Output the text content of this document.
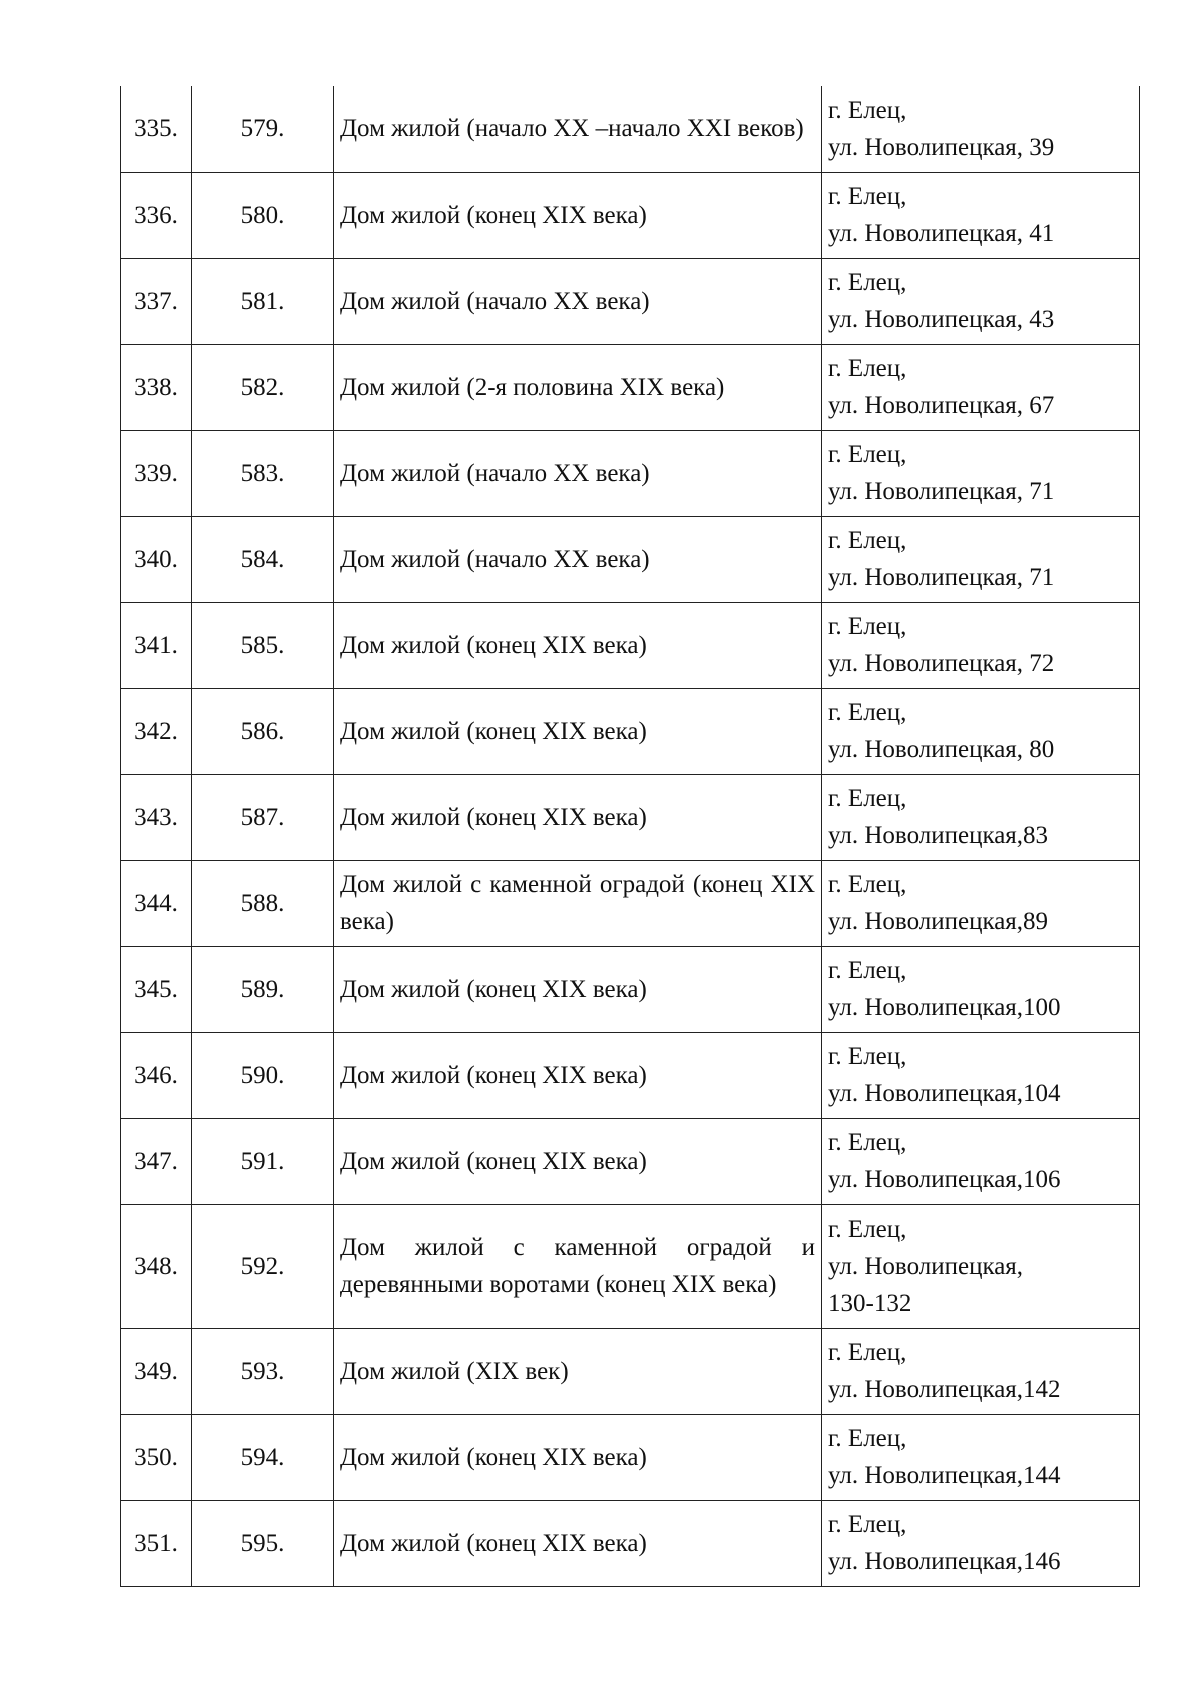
335.	579.	Дом жилой (начало XX –начало XXI веков)	г. Елец,
ул. Новолипецкая, 39

336.	580.	Дом жилой (конец XIX века)	г. Елец,
ул. Новолипецкая, 41

337.	581.	Дом жилой (начало XX века)	г. Елец,
ул. Новолипецкая, 43

338.	582.	Дом жилой (2-я половина XIX века)	г. Елец,
ул. Новолипецкая, 67

339.	583.	Дом жилой (начало XX века)	г. Елец,
ул. Новолипецкая, 71

340.	584.	Дом жилой (начало XX века)	г. Елец,
ул. Новолипецкая, 71

341.	585.	Дом жилой (конец XIX века)	г. Елец,
ул. Новолипецкая, 72

342.	586.	Дом жилой (конец XIX века)	г. Елец,
ул. Новолипецкая, 80

343.	587.	Дом жилой (конец XIX века)	г. Елец,
ул. Новолипецкая,83

344.	588.	Дом жилой с каменной оградой (конец XIX века)	г. Елец,
ул. Новолипецкая,89

345.	589.	Дом жилой (конец XIX века)	г. Елец,
ул. Новолипецкая,100

346.	590.	Дом жилой (конец XIX века)	г. Елец,
ул. Новолипецкая,104

347.	591.	Дом жилой (конец XIX века)	г. Елец,
ул. Новолипецкая,106

348.	592.	Дом жилой с каменной оградой и деревянными воротами (конец XIX века)	г. Елец,
ул. Новолипецкая,
130-132

349.	593.	Дом жилой (XIX век)	г. Елец,
ул. Новолипецкая,142

350.	594.	Дом жилой (конец XIX века)	г. Елец,
ул. Новолипецкая,144

351.	595.	Дом жилой (конец XIX века)	г. Елец,
ул. Новолипецкая,146
